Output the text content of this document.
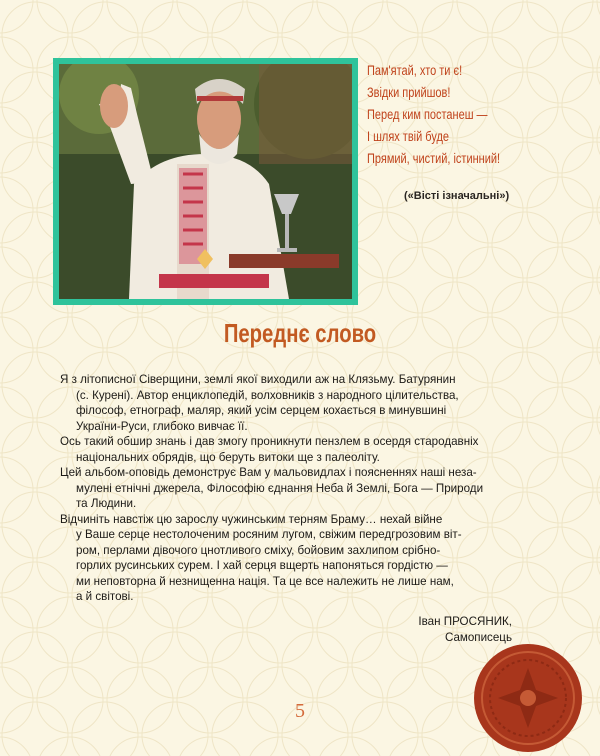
Пам'ятай, хто ти є!
Звідки прийшов!
Перед ким постанеш —
І шлях твій буде
Прямий, чистий, істинний!
(«Вісті ізначальні»)
Переднє слово

Я з літописної Сіверщини, землі якої виходили аж на Клязьму. Батурянин
(с. Курені). Автор енциклопедій, волховників з народного цілительства,
філософ, етнограф, маляр, який усім серцем кохається в минувшині
України-Руси, глибоко вивчає її.

Ось такий обшир знань і дав змогу проникнути пензлем в осердя стародавніх
національних обрядів, що беруть витоки ще з палеоліту.

Цей альбом-оповідь демонструє Вам у мальовидлах і поясненнях наші неза-
мулені етнічні джерела, Філософію єднання Неба й Землі, Бога — Природи
та Людини.

Відчиніть навстіж цю зарослу чужинським терням Браму… нехай війне
у Ваше серце нестолоченим росяним лугом, свіжим передгрозовим віт-
ром, перлами дівочого цнотливого сміху, бойовим захлипом срібно-
горлих русинських сурем. І хай серця вщерть напоняться гордістю —
ми неповторна й незнищенна нація. Та це все належить не лише нам,
а й світові.

Іван ПРОСЯНИК,
Самописець
5
